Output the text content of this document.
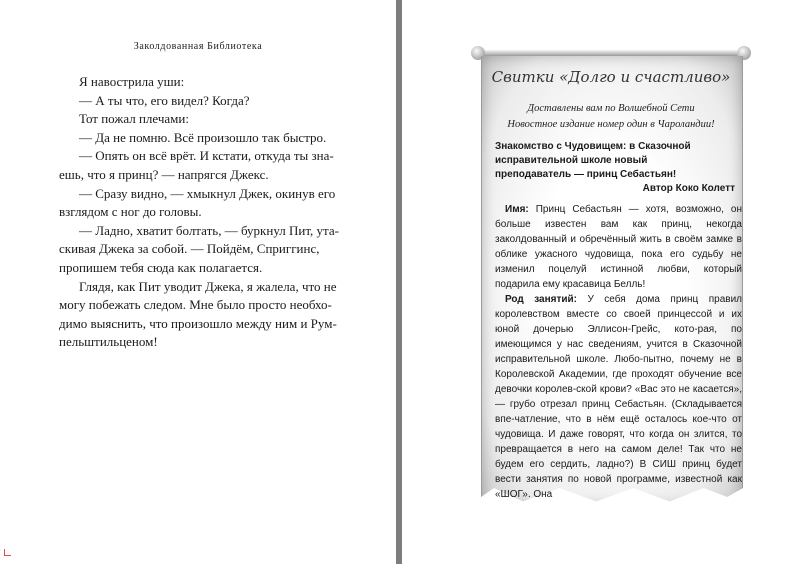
Заколдованная Библиотека

Я навострила уши:

— А ты что, его видел? Когда?

Тот пожал плечами:

— Да не помню. Всё произошло так быстро.

— Опять он всё врёт. И кстати, откуда ты зна-

ешь, что я принц? — напрягся Джекс.

— Сразу видно, — хмыкнул Джек, окинув его

взглядом с ног до головы.

— Ладно, хватит болтать, — буркнул Пит, ута-

скивая Джека за собой. — Пойдём, Сприггинс,

пропишем тебя сюда как полагается.

Глядя, как Пит уводит Джека, я жалела, что не

могу побежать следом. Мне было просто необхо-

димо выяснить, что произошло между ним и Рум-

пельштильценом!

Свитки «Долго и счастливо»
Доставлены вам по Волшебной Сети
Новостное издание номер один в Чароландии!
Знакомство с Чудовищем: в Сказочной
исправительной школе новый
преподаватель — принц Себастьян!
Автор Коко Колетт

Имя: Принц Себастьян — хотя, возможно, он больше известен вам как принц, некогда заколдованный и обречённый жить в своём замке в облике ужасного чудовища, пока его судьбу не изменил поцелуй истинной любви, который подарила ему красавица Белль!

Род занятий: У себя дома принц правил королевством вместе со своей принцессой и их юной дочерью Эллисон-Грейс, кото-рая, по имеющимся у нас сведениям, учится в Сказочной исправительной школе. Любо-пытно, почему не в Королевской Академии, где проходят обучение все девочки королев-ской крови? «Вас это не касается», — грубо отрезал принц Себастьян. (Складывается впе-чатление, что в нём ещё осталось кое-что от чудовища. И даже говорят, что когда он злится, то превращается в него на самом деле! Так что не будем его сердить, ладно?) В СИШ принц будет вести занятия по новой программе, известной как «ШОГ». Она
